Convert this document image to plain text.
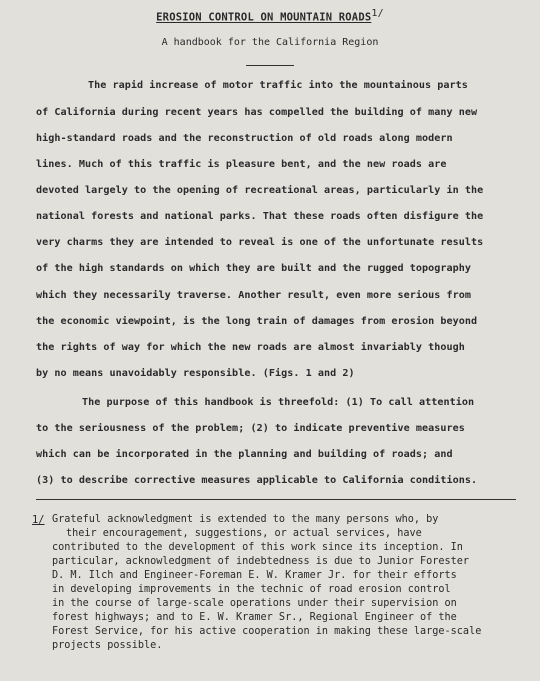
EROSION CONTROL ON MOUNTAIN $ROADS^{1/}$
A handbook for the California Region
The rapid increase of motor traffic into the mountainous parts
of California during recent years has compelled the building of many new
high-standard roads and the reconstruction of old roads along modern
lines. Much of this traffic is pleasure bent, and the new roads are
devoted largely to the opening of recreational areas, particularly in the
national forests and national parks. That these roads often disfigure the
very charms they are intended to reveal is one of the unfortunate results
of the high standards on which they are built and the rugged topography
which they necessarily traverse. Another result, even more serious from
the economic viewpoint, is the long train of damages from erosion beyond
the rights of way for which the new roads are almost invariably though
by no means unavoidably responsible. (Figs. 1 and 2)
The purpose of this handbook is threefold: (1) To call attention
to the seriousness of the problem; (2) to indicate preventive measures
which can be incorporated in the planning and building of roads; and
(3) to describe corrective measures applicable to California conditions.
1/ Grateful acknowledgment is extended to the many persons who, by
their encouragement, suggestions, or actual services, have
contributed to the development of this work since its inception. In
particular, acknowledgment of indebtedness is due to Junior Forester
D. M. Ilch and Engineer-Foreman E. W. Kramer Jr. for their efforts
in developing improvements in the technic of road erosion control
in the course of large-scale operations under their supervision on
forest highways; and to E. W. Kramer Sr., Regional Engineer of the
Forest Service, for his active cooperation in making these large-scale
projects possible.
